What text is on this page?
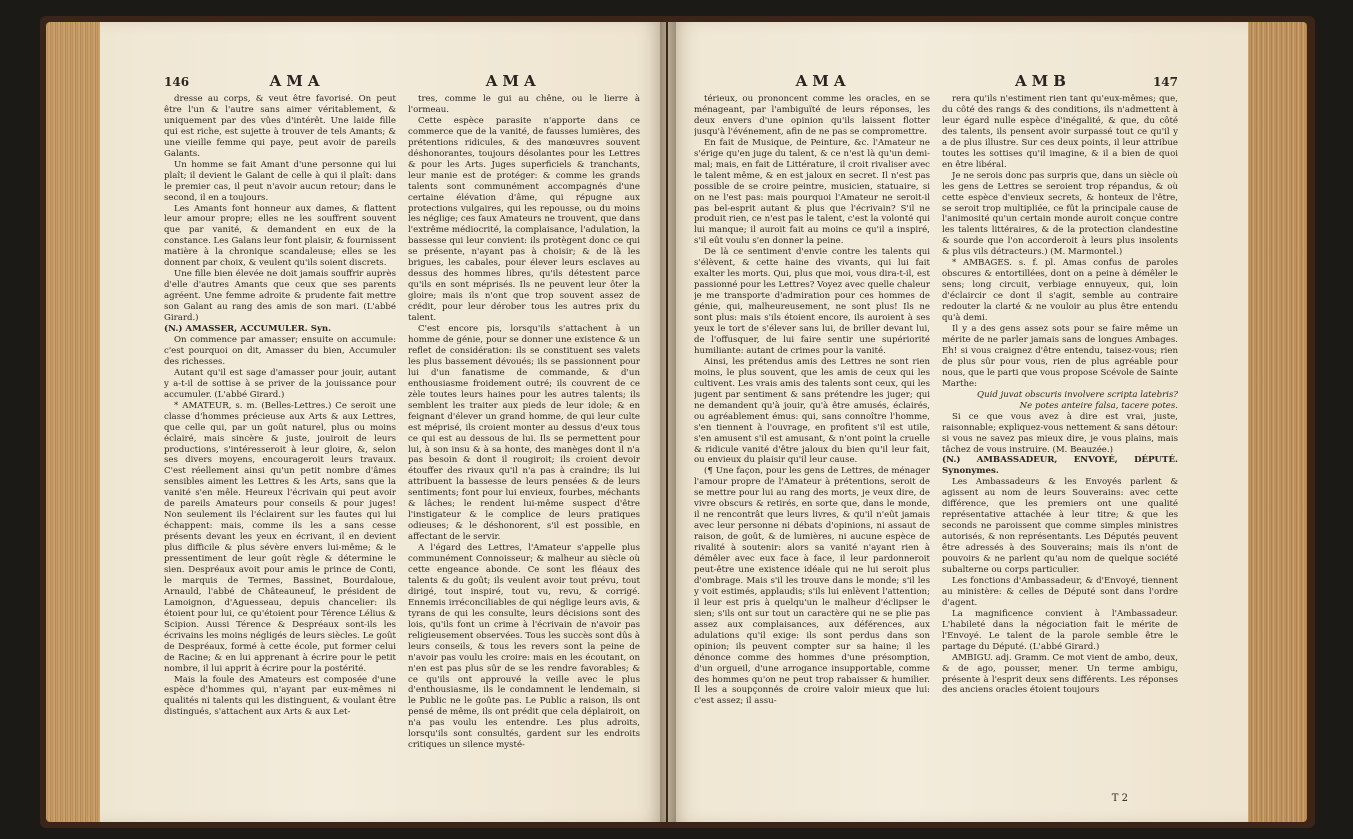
146	AMA	AMA

dresse au corps, & veut être favorisé. On peut être l'un & l'autre sans aimer véritablement, & uniquement par des vûes d'intérêt. Une laide fille qui est riche, est sujette à trouver de tels Amants; & une vieille femme qui paye, peut avoir de pareils Galants.

Un homme se fait Amant d'une personne qui lui plaît; il devient le Galant de celle à qui il plaît: dans le premier cas, il peut n'avoir aucun retour; dans le second, il en a toujours.

Les Amants font honneur aux dames, & flattent leur amour propre; elles ne les souffrent souvent que par vanité, & demandent en eux de la constance. Les Galans leur font plaisir, & fournissent matière à la chronique scandaleuse; elles se les donnent par choix, & veulent qu'ils soient discrets.

Une fille bien élevée ne doit jamais souffrir auprès d'elle d'autres Amants que ceux que ses parents agréent. Une femme adroite & prudente fait mettre son Galant au rang des amis de son mari. (L'abbé Girard.)

(N.) AMASSER, ACCUMULER. Syn.

On commence par amasser; ensuite on accumule: c'est pourquoi on dit, Amasser du bien, Accumuler des richesses.

Autant qu'il est sage d'amasser pour jouir, autant y a-t-il de sottise à se priver de la jouissance pour accumuler. (L'abbé Girard.)

* AMATEUR, s. m. (Belles-Lettres.) Ce seroit une classe d'hommes précieuse aux Arts & aux Lettres, que celle qui, par un goût naturel, plus ou moins éclairé, mais sincère & juste, jouiroit de leurs productions, s'intéresseroit à leur gloire, &, selon ses divers moyens, encourageroit leurs travaux. C'est réellement ainsi qu'un petit nombre d'âmes sensibles aiment les Lettres & les Arts, sans que la vanité s'en mêle. Heureux l'écrivain qui peut avoir de pareils Amateurs pour conseils & pour juges! Non seulement ils l'éclairent sur les fautes qui lui échappent: mais, comme ils les a sans cesse présents devant les yeux en écrivant, il en devient plus difficile & plus sévère envers lui-même; & le pressentiment de leur goût règle & détermine le sien. Despréaux avoit pour amis le prince de Conti, le marquis de Termes, Bassinet, Bourdaloue, Arnauld, l'abbé de Châteauneuf, le président de Lamoignon, d'Aguesseau, depuis chancelier: ils étoient pour lui, ce qu'étoient pour Térence Lélius & Scipion. Aussi Térence & Despréaux sont-ils les écrivains les moins négligés de leurs siècles. Le goût de Despréaux, formé à cette école, put former celui de Racine; & en lui apprenant à écrire pour le petit nombre, il lui apprit à écrire pour la postérité.

Mais la foule des Amateurs est composée d'une espèce d'hommes qui, n'ayant par eux-mêmes ni qualités ni talents qui les distinguent, & voulant être distingués, s'attachent aux Arts & aux Let-

tres, comme le gui au chêne, ou le lierre à l'ormeau.

Cette espèce parasite n'apporte dans ce commerce que de la vanité, de fausses lumières, des prétentions ridicules, & des manœuvres souvent déshonorantes, toujours désolantes pour les Lettres & pour les Arts. Juges superficiels & tranchants, leur manie est de protéger: & comme les grands talents sont communément accompagnés d'une certaine élévation d'âme, qui répugne aux protections vulgaires, qui les repousse, ou du moins les néglige; ces faux Amateurs ne trouvent, que dans l'extrême médiocrité, la complaisance, l'adulation, la bassesse qui leur convient: ils protègent donc ce qui se présente, n'ayant pas à choisir; & de là les brigues, les cabales, pour élever leurs esclaves au dessus des hommes libres, qu'ils détestent parce qu'ils en sont méprisés. Ils ne peuvent leur ôter la gloire; mais ils n'ont que trop souvent assez de crédit, pour leur dérober tous les autres prix du talent.

C'est encore pis, lorsqu'ils s'attachent à un homme de génie, pour se donner une existence & un reflet de considération: ils se constituent ses valets les plus bassement dévoués; ils se passionnent pour lui d'un fanatisme de commande, & d'un enthousiasme froidement outré; ils couvrent de ce zèle toutes leurs haines pour les autres talents; ils semblent les traiter aux pieds de leur idole; & en feignant d'élever un grand homme, de qui leur culte est méprisé, ils croient monter au dessus d'eux tous ce qui est au dessous de lui. Ils se permettent pour lui, à son insu & à sa honte, des manèges dont il n'a pas besoin & dont il rougiroit; ils croient devoir étouffer des rivaux qu'il n'a pas à craindre; ils lui attribuent la bassesse de leurs pensées & de leurs sentiments; font pour lui envieux, fourbes, méchants & lâches; le rendent lui-même suspect d'être l'instigateur & le complice de leurs pratiques odieuses; & le déshonorent, s'il est possible, en affectant de le servir.

A l'égard des Lettres, l'Amateur s'appelle plus communément Connoisseur; & malheur au siècle où cette engeance abonde. Ce sont les fléaux des talents & du goût; ils veulent avoir tout prévu, tout dirigé, tout inspiré, tout vu, revu, & corrigé. Ennemis irréconciliables de qui néglige leurs avis, & tyrans de qui les consulte, leurs décisions sont des lois, qu'ils font un crime à l'écrivain de n'avoir pas religieusement observées. Tous les succès sont dûs à leurs conseils, & tous les revers sont la peine de n'avoir pas voulu les croire: mais en les écoutant, on n'en est pas plus sûr de se les rendre favorables; & ce qu'ils ont approuvé la veille avec le plus d'enthousiasme, ils le condamnent le lendemain, si le Public ne le goûte pas. Le Public a raison, ils ont pensé de même, ils ont prédit que cela déplairoit, on n'a pas voulu les entendre. Les plus adroits, lorsqu'ils sont consultés, gardent sur les endroits critiques un silence mysté-

AMA	AMB	147

térieux, ou prononcent comme les oracles, en se ménageant, par l'ambiguïté de leurs réponses, les deux envers d'une opinion qu'ils laissent flotter jusqu'à l'événement, afin de ne pas se compromettre.

En fait de Musique, de Peinture, &c. l'Amateur ne s'érige qu'en juge du talent, & ce n'est là qu'un demi-mal; mais, en fait de Littérature, il croit rivaliser avec le talent même, & en est jaloux en secret. Il n'est pas possible de se croire peintre, musicien, statuaire, si on ne l'est pas: mais pourquoi l'Amateur ne seroit-il pas bel-esprit autant & plus que l'écrivain? S'il ne produit rien, ce n'est pas le talent, c'est la volonté qui lui manque; il auroit fait au moins ce qu'il a inspiré, s'il eût voulu s'en donner la peine.

De là ce sentiment d'envie contre les talents qui s'élèvent, & cette haine des vivants, qui lui fait exalter les morts. Qui, plus que moi, vous dira-t-il, est passionné pour les Lettres? Voyez avec quelle chaleur je me transporte d'admiration pour ces hommes de génie, qui, malheureusement, ne sont plus! Ils ne sont plus: mais s'ils étoient encore, ils auroient à ses yeux le tort de s'élever sans lui, de briller devant lui, de l'offusquer, de lui faire sentir une supériorité humiliante: autant de crimes pour la vanité.

Ainsi, les prétendus amis des Lettres ne sont rien moins, le plus souvent, que les amis de ceux qui les cultivent. Les vrais amis des talents sont ceux, qui les jugent par sentiment & sans prétendre les juger; qui ne demandent qu'à jouir, qu'à être amusés, éclairés, ou agréablement émus: qui, sans connoître l'homme, s'en tiennent à l'ouvrage, en profitent s'il est utile, s'en amusent s'il est amusant, & n'ont point la cruelle & ridicule vanité d'être jaloux du bien qu'il leur fait, ou envieux du plaisir qu'il leur cause.

(¶ Une façon, pour les gens de Lettres, de ménager l'amour propre de l'Amateur à prétentions, seroit de se mettre pour lui au rang des morts, je veux dire, de vivre obscurs & retirés, en sorte que, dans le monde, il ne rencontrât que leurs livres, & qu'il n'eût jamais avec leur personne ni débats d'opinions, ni assaut de raison, de goût, & de lumières, ni aucune espèce de rivalité à soutenir: alors sa vanité n'ayant rien à démêler avec eux face à face, il leur pardonneroit peut-être une existence idéale qui ne lui seroit plus d'ombrage. Mais s'il les trouve dans le monde; s'il les y voit estimés, applaudis; s'ils lui enlèvent l'attention; il leur est pris à quelqu'un le malheur d'éclipser le sien; s'ils ont sur tout un caractère qui ne se plie pas assez aux complaisances, aux déférences, aux adulations qu'il exige: ils sont perdus dans son opinion; ils peuvent compter sur sa haine; il les dénonce comme des hommes d'une présomption, d'un orgueil, d'une arrogance insupportable, comme des hommes qu'on ne peut trop rabaisser & humilier. Il les a soupçonnés de croire valoir mieux que lui: c'est assez; il assu-

rera qu'ils n'estiment rien tant qu'eux-mêmes; que, du côté des rangs & des conditions, ils n'admettent à leur égard nulle espèce d'inégalité, & que, du côté des talents, ils pensent avoir surpassé tout ce qu'il y a de plus illustre. Sur ces deux points, il leur attribue toutes les sottises qu'il imagine, & il a bien de quoi en être libéral.

Je ne serois donc pas surpris que, dans un siècle où les gens de Lettres se seroient trop répandus, & où cette espèce d'envieux secrets, & honteux de l'être, se seroit trop multipliée, ce fût la principale cause de l'animosité qu'un certain monde auroit conçue contre les talents littéraires, & de la protection clandestine & sourde que l'on accorderoit à leurs plus insolents & plus vils détracteurs.) (M. Marmontel.)

* AMBAGES. s. f. pl. Amas confus de paroles obscures & entortillées, dont on a peine à démêler le sens; long circuit, verbiage ennuyeux, qui, loin d'éclaircir ce dont il s'agit, semble au contraire redouter la clarté & ne vouloir au plus être entendu qu'à demi.

Il y a des gens assez sots pour se faire même un mérite de ne parler jamais sans de longues Ambages. Eh! si vous craignez d'être entendu, taisez-vous; rien de plus sûr pour vous, rien de plus agréable pour nous, que le parti que vous propose Scévole de Sainte Marthe:

Quid juvat obscuris involvere scripta latebris?

Ne potes anteire falsa, tacere potes.

Si ce que vous avez à dire est vrai, juste, raisonnable; expliquez-vous nettement & sans détour: si vous ne savez pas mieux dire, je vous plains, mais tâchez de vous instruire. (M. Beauzée.)

(N.) AMBASSADEUR, ENVOYÉ, DÉPUTÉ. Synonymes.

Les Ambassadeurs & les Envoyés parlent & agissent au nom de leurs Souverains: avec cette différence, que les premiers ont une qualité représentative attachée à leur titre; & que les seconds ne paroissent que comme simples ministres autorisés, & non représentants. Les Députés peuvent être adressés à des Souverains; mais ils n'ont de pouvoirs & ne parlent qu'au nom de quelque société subalterne ou corps particulier.

Les fonctions d'Ambassadeur, & d'Envoyé, tiennent au ministère: & celles de Député sont dans l'ordre d'agent.

La magnificence convient à l'Ambassadeur. L'habileté dans la négociation fait le mérite de l'Envoyé. Le talent de la parole semble être le partage du Député. (L'abbé Girard.)

AMBIGU. adj. Gramm. Ce mot vient de ambo, deux, & de ago, pousser, mener. Un terme ambigu, présente à l'esprit deux sens différents. Les réponses des anciens oracles étoient toujours

T 2
